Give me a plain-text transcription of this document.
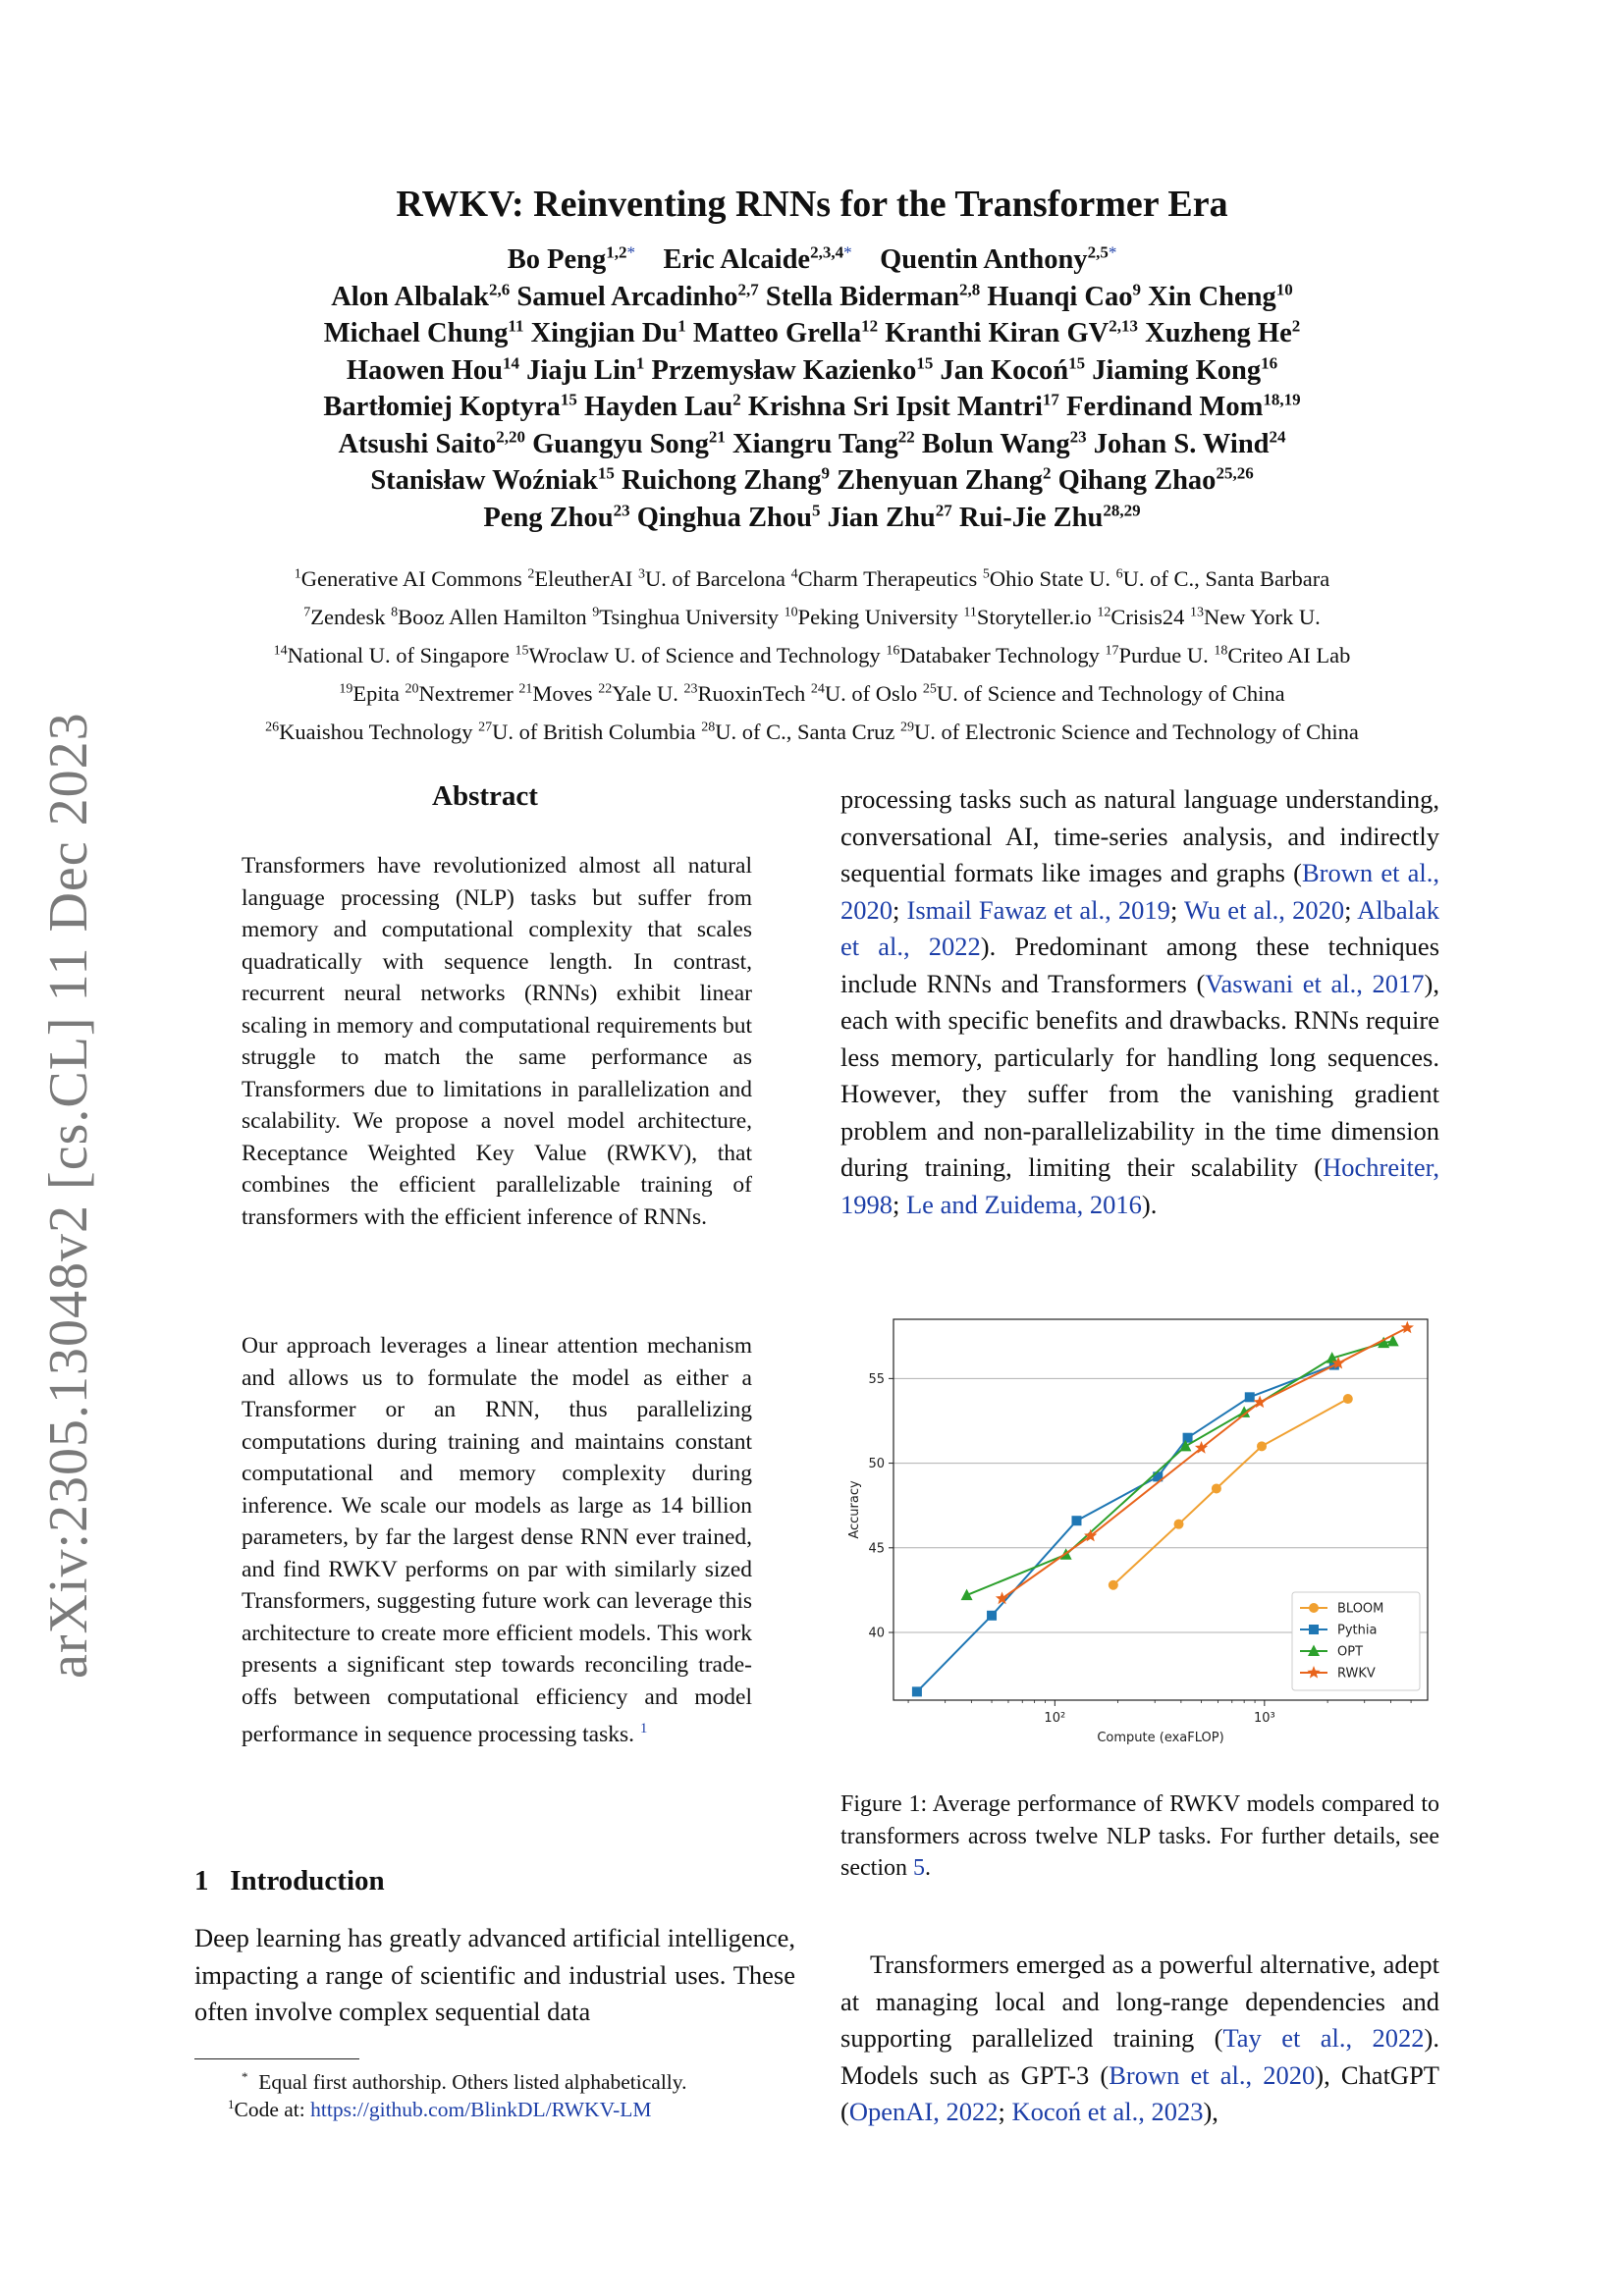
arXiv:2305.13048v2 [cs.CL] 11 Dec 2023
RWKV: Reinventing RNNs for the Transformer Era
Bo Peng$^{1,2*}$ Eric Alcaide$^{2,3,4*}$ Quentin Anthony$^{2,5*}$
Alon Albalak$^{2,6}$ Samuel Arcadinho$^{2,7}$ Stella Biderman$^{2,8}$ Huanqi Cao$^9$ Xin Cheng$^{10}$
Michael Chung$^{11}$ Xingjian Du$^1$ Matteo Grella$^{12}$ Kranthi Kiran GV$^{2,13}$ Xuzheng He$^2$
Haowen Hou$^{14}$ Jiaju Lin$^1$ Przemysław Kazienko$^{15}$ Jan Kocoń$^{15}$ Jiaming Kong$^{16}$
Bartłomiej Koptyra$^{15}$ Hayden Lau$^2$ Krishna Sri Ipsit Mantri$^{17}$ Ferdinand Mom$^{18,19}$
Atsushi Saito$^{2,20}$ Guangyu Song$^{21}$ Xiangru Tang$^{22}$ Bolun Wang$^{23}$ Johan S. Wind$^{24}$
Stanisław Woźniak$^{15}$ Ruichong Zhang$^9$ Zhenyuan Zhang$^2$ Qihang Zhao$^{25,26}$
Peng Zhou$^{23}$ Qinghua Zhou$^5$ Jian Zhu$^{27}$ Rui-Jie Zhu$^{28,29}$
$^1$Generative AI Commons $^2$EleutherAI $^3$U. of Barcelona $^4$Charm Therapeutics $^5$Ohio State U. $^6$U. of C., Santa Barbara
$^7$Zendesk $^8$Booz Allen Hamilton $^9$Tsinghua University $^{10}$Peking University $^{11}$Storyteller.io $^{12}$Crisis24 $^{13}$New York U.
$^{14}$National U. of Singapore $^{15}$Wroclaw U. of Science and Technology $^{16}$Databaker Technology $^{17}$Purdue U. $^{18}$Criteo AI Lab
$^{19}$Epita $^{20}$Nextremer $^{21}$Moves $^{22}$Yale U. $^{23}$RuoxinTech $^{24}$U. of Oslo $^{25}$U. of Science and Technology of China
$^{26}$Kuaishou Technology $^{27}$U. of British Columbia $^{28}$U. of C., Santa Cruz $^{29}$U. of Electronic Science and Technology of China
Abstract
Transformers have revolutionized almost all natural language processing (NLP) tasks but suffer from memory and computational complexity that scales quadratically with sequence length. In contrast, recurrent neural networks (RNNs) exhibit linear scaling in memory and computational requirements but struggle to match the same performance as Transformers due to limitations in parallelization and scalability. We propose a novel model architecture, Receptance Weighted Key Value (RWKV), that combines the efficient parallelizable training of transformers with the efficient inference of RNNs.
Our approach leverages a linear attention mechanism and allows us to formulate the model as either a Transformer or an RNN, thus parallelizing computations during training and maintains constant computational and memory complexity during inference. We scale our models as large as 14 billion parameters, by far the largest dense RNN ever trained, and find RWKV performs on par with similarly sized Transformers, suggesting future work can leverage this architecture to create more efficient models. This work presents a significant step towards reconciling trade-offs between computational efficiency and model performance in sequence processing tasks. $^1$
1 Introduction
Deep learning has greatly advanced artificial intelligence, impacting a range of scientific and industrial uses. These often involve complex sequential data
* Equal first authorship. Others listed alphabetically.
$^1$Code at: https://github.com/BlinkDL/RWKV-LM
processing tasks such as natural language understanding, conversational AI, time-series analysis, and indirectly sequential formats like images and graphs (Brown et al., 2020; Ismail Fawaz et al., 2019; Wu et al., 2020; Albalak et al., 2022). Predominant among these techniques include RNNs and Transformers (Vaswani et al., 2017), each with specific benefits and drawbacks. RNNs require less memory, particularly for handling long sequences. However, they suffer from the vanishing gradient problem and non-parallelizability in the time dimension during training, limiting their scalability (Hochreiter, 1998; Le and Zuidema, 2016).
40
45
50
55
10²	10³
Compute (exaFLOP)
Accuracy
BLOOM
Pythia
OPT
RWKV
Figure 1: Average performance of RWKV models compared to transformers across twelve NLP tasks. For further details, see section 5.
Transformers emerged as a powerful alternative, adept at managing local and long-range dependencies and supporting parallelized training (Tay et al., 2022). Models such as GPT-3 (Brown et al., 2020), ChatGPT (OpenAI, 2022; Kocoń et al., 2023),
